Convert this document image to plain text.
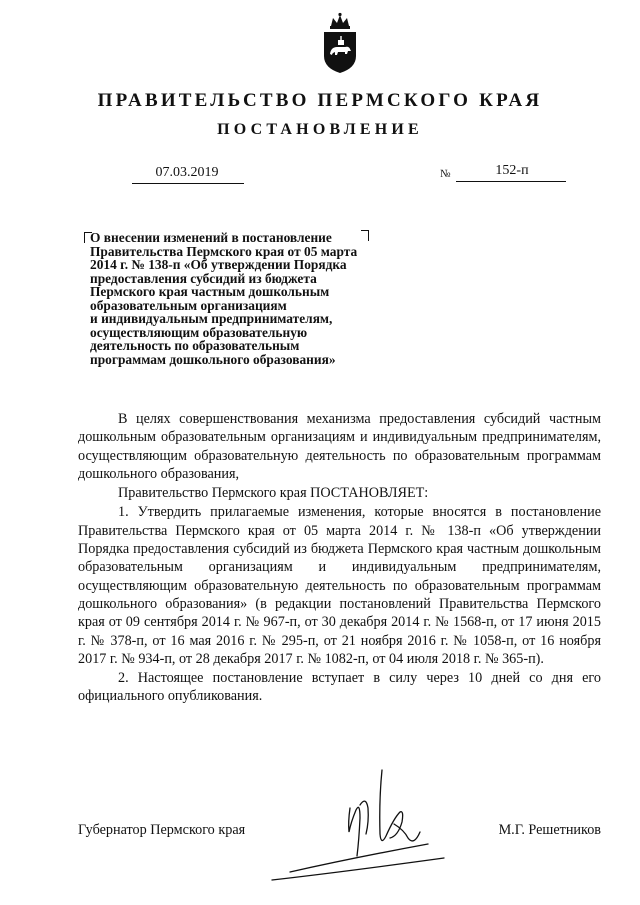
ПРАВИТЕЛЬСТВО ПЕРМСКОГО КРАЯ
ПОСТАНОВЛЕНИЕ
07.03.2019	№	152-п
О внесении изменений в постановление
Правительства Пермского края от 05 марта
2014 г. № 138-п «Об утверждении Порядка
предоставления субсидий из бюджета
Пермского края частным дошкольным
образовательным организациям
и индивидуальным предпринимателям,
осуществляющим образовательную
деятельность по образовательным
программам дошкольного образования»

В целях совершенствования механизма предоставления субсидий частным дошкольным образовательным организациям и индивидуальным предпринимателям, осуществляющим образовательную деятельность по образовательным программам дошкольного образования,

Правительство Пермского края ПОСТАНОВЛЯЕТ:

1. Утвердить прилагаемые изменения, которые вносятся в постановление Правительства Пермского края от 05 марта 2014 г. № 138-п «Об утверждении Порядка предоставления субсидий из бюджета Пермского края частным дошкольным образовательным организациям и индивидуальным предпринимателям, осуществляющим образовательную деятельность по образовательным программам дошкольного образования» (в редакции постановлений Правительства Пермского края от 09 сентября 2014 г. № 967-п, от 30 декабря 2014 г. № 1568-п, от 17 июня 2015 г. № 378-п, от 16 мая 2016 г. № 295-п, от 21 ноября 2016 г. № 1058-п, от 16 ноября 2017 г. № 934-п, от 28 декабря 2017 г. № 1082-п, от 04 июля 2018 г. № 365-п).

2. Настоящее постановление вступает в силу через 10 дней со дня его официального опубликования.

Губернатор Пермского края	М.Г. Решетников
